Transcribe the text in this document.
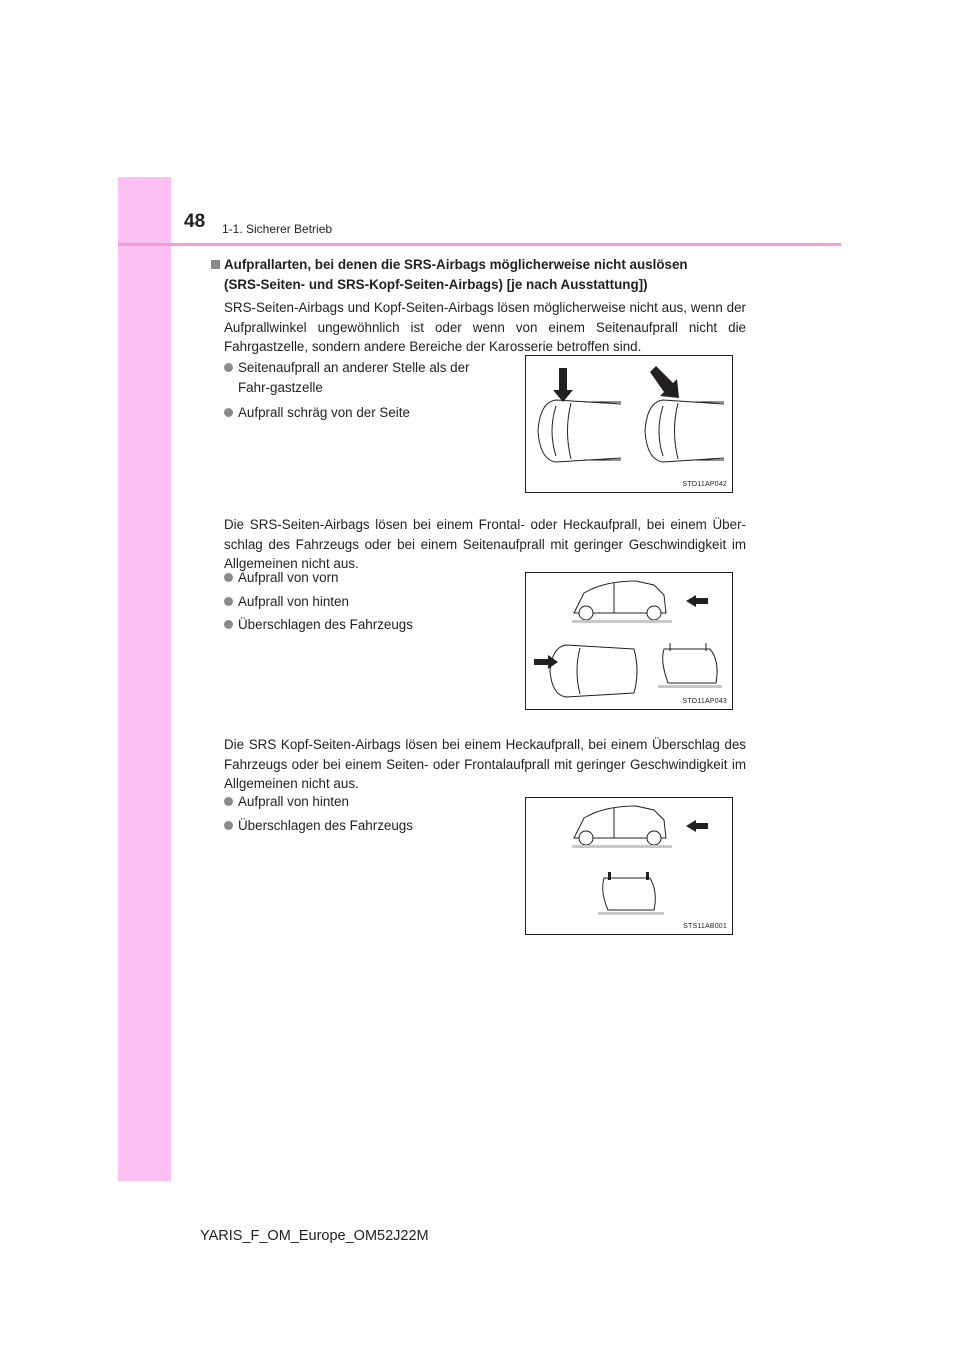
48 1-1. Sicherer Betrieb
Aufprallarten, bei denen die SRS-Airbags möglicherweise nicht auslösen
(SRS-Seiten- und SRS-Kopf-Seiten-Airbags) [je nach Ausstattung])

SRS-Seiten-Airbags und Kopf-Seiten-Airbags lösen möglicherweise nicht aus, wenn der Aufprallwinkel ungewöhnlich ist oder wenn von einem Seitenaufprall nicht die Fahrgastzelle, sondern andere Bereiche der Karosserie betroffen sind.

Seitenaufprall an anderer Stelle als der Fahr-gastzelle
Aufprall schräg von der Seite
STO11AP042

Die SRS-Seiten-Airbags lösen bei einem Frontal- oder Heckaufprall, bei einem Über-schlag des Fahrzeugs oder bei einem Seitenaufprall mit geringer Geschwindigkeit im Allgemeinen nicht aus.

Aufprall von vorn
Aufprall von hinten
Überschlagen des Fahrzeugs
STO11AP043

Die SRS Kopf-Seiten-Airbags lösen bei einem Heckaufprall, bei einem Überschlag des Fahrzeugs oder bei einem Seiten- oder Frontalaufprall mit geringer Geschwindigkeit im Allgemeinen nicht aus.

Aufprall von hinten
Überschlagen des Fahrzeugs
STS11AB001
YARIS_F_OM_Europe_OM52J22M
